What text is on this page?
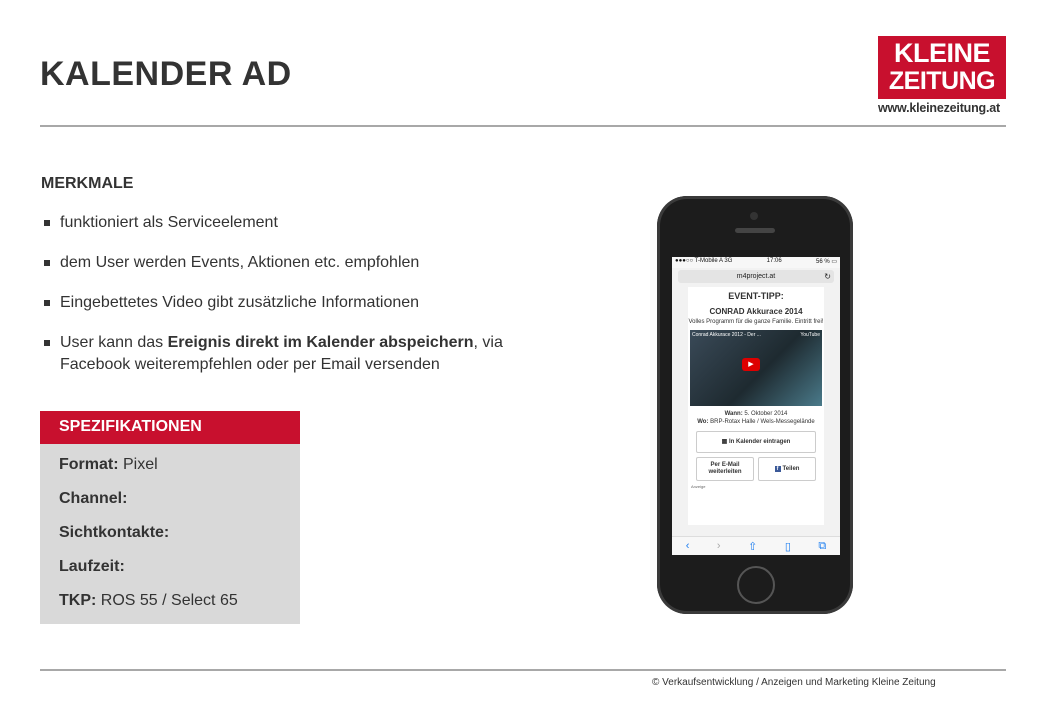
KALENDER AD
KLEINE
ZEITUNG
www.kleinezeitung.at
MERKMALE
funktioniert als Serviceelement
dem User werden Events, Aktionen etc. empfohlen
Eingebettetes Video gibt zusätzliche Informationen
User kann das Ereignis direkt im Kalender abspeichern, via Facebook weiterempfehlen oder per Email versenden
SPEZIFIKATIONEN
Format: Pixel
Channel:
Sichtkontakte:
Laufzeit:
TKP: ROS 55 / Select 65
●●●○○ T-Mobile A 3G	17:06	56 % ▭
m4project.at	↻
EVENT-TIPP:
CONRAD Akkurace 2014
Volles Programm für die ganze Familie. Eintritt frei!
Conrad Akkurace 2012 - Der ...	YouTube
▶
Wann: 5. Oktober 2014
Wo: BRP-Rotax Halle / Wels-Messegelände
▦ In Kalender eintragen
Per E-Mail weiterleiten	f Teilen
Anzeige
‹	›	⇧	▯	⧉
© Verkaufsentwicklung / Anzeigen und Marketing Kleine Zeitung
